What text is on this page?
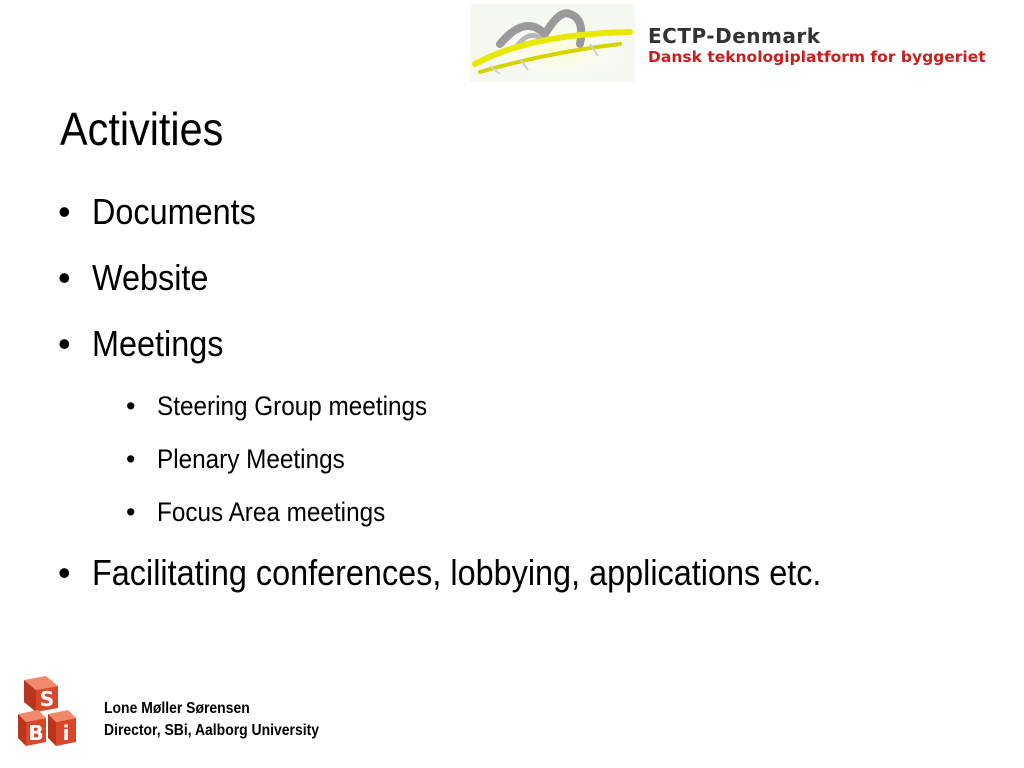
ECTP-Denmark
Dansk teknologiplatform for byggeriet
Activities
• Documents
• Website
• Meetings
• Steering Group meetings
• Plenary Meetings
• Focus Area meetings
• Facilitating conferences, lobbying, applications etc.
S
B i
Lone Møller Sørensen
Director, SBi, Aalborg University
